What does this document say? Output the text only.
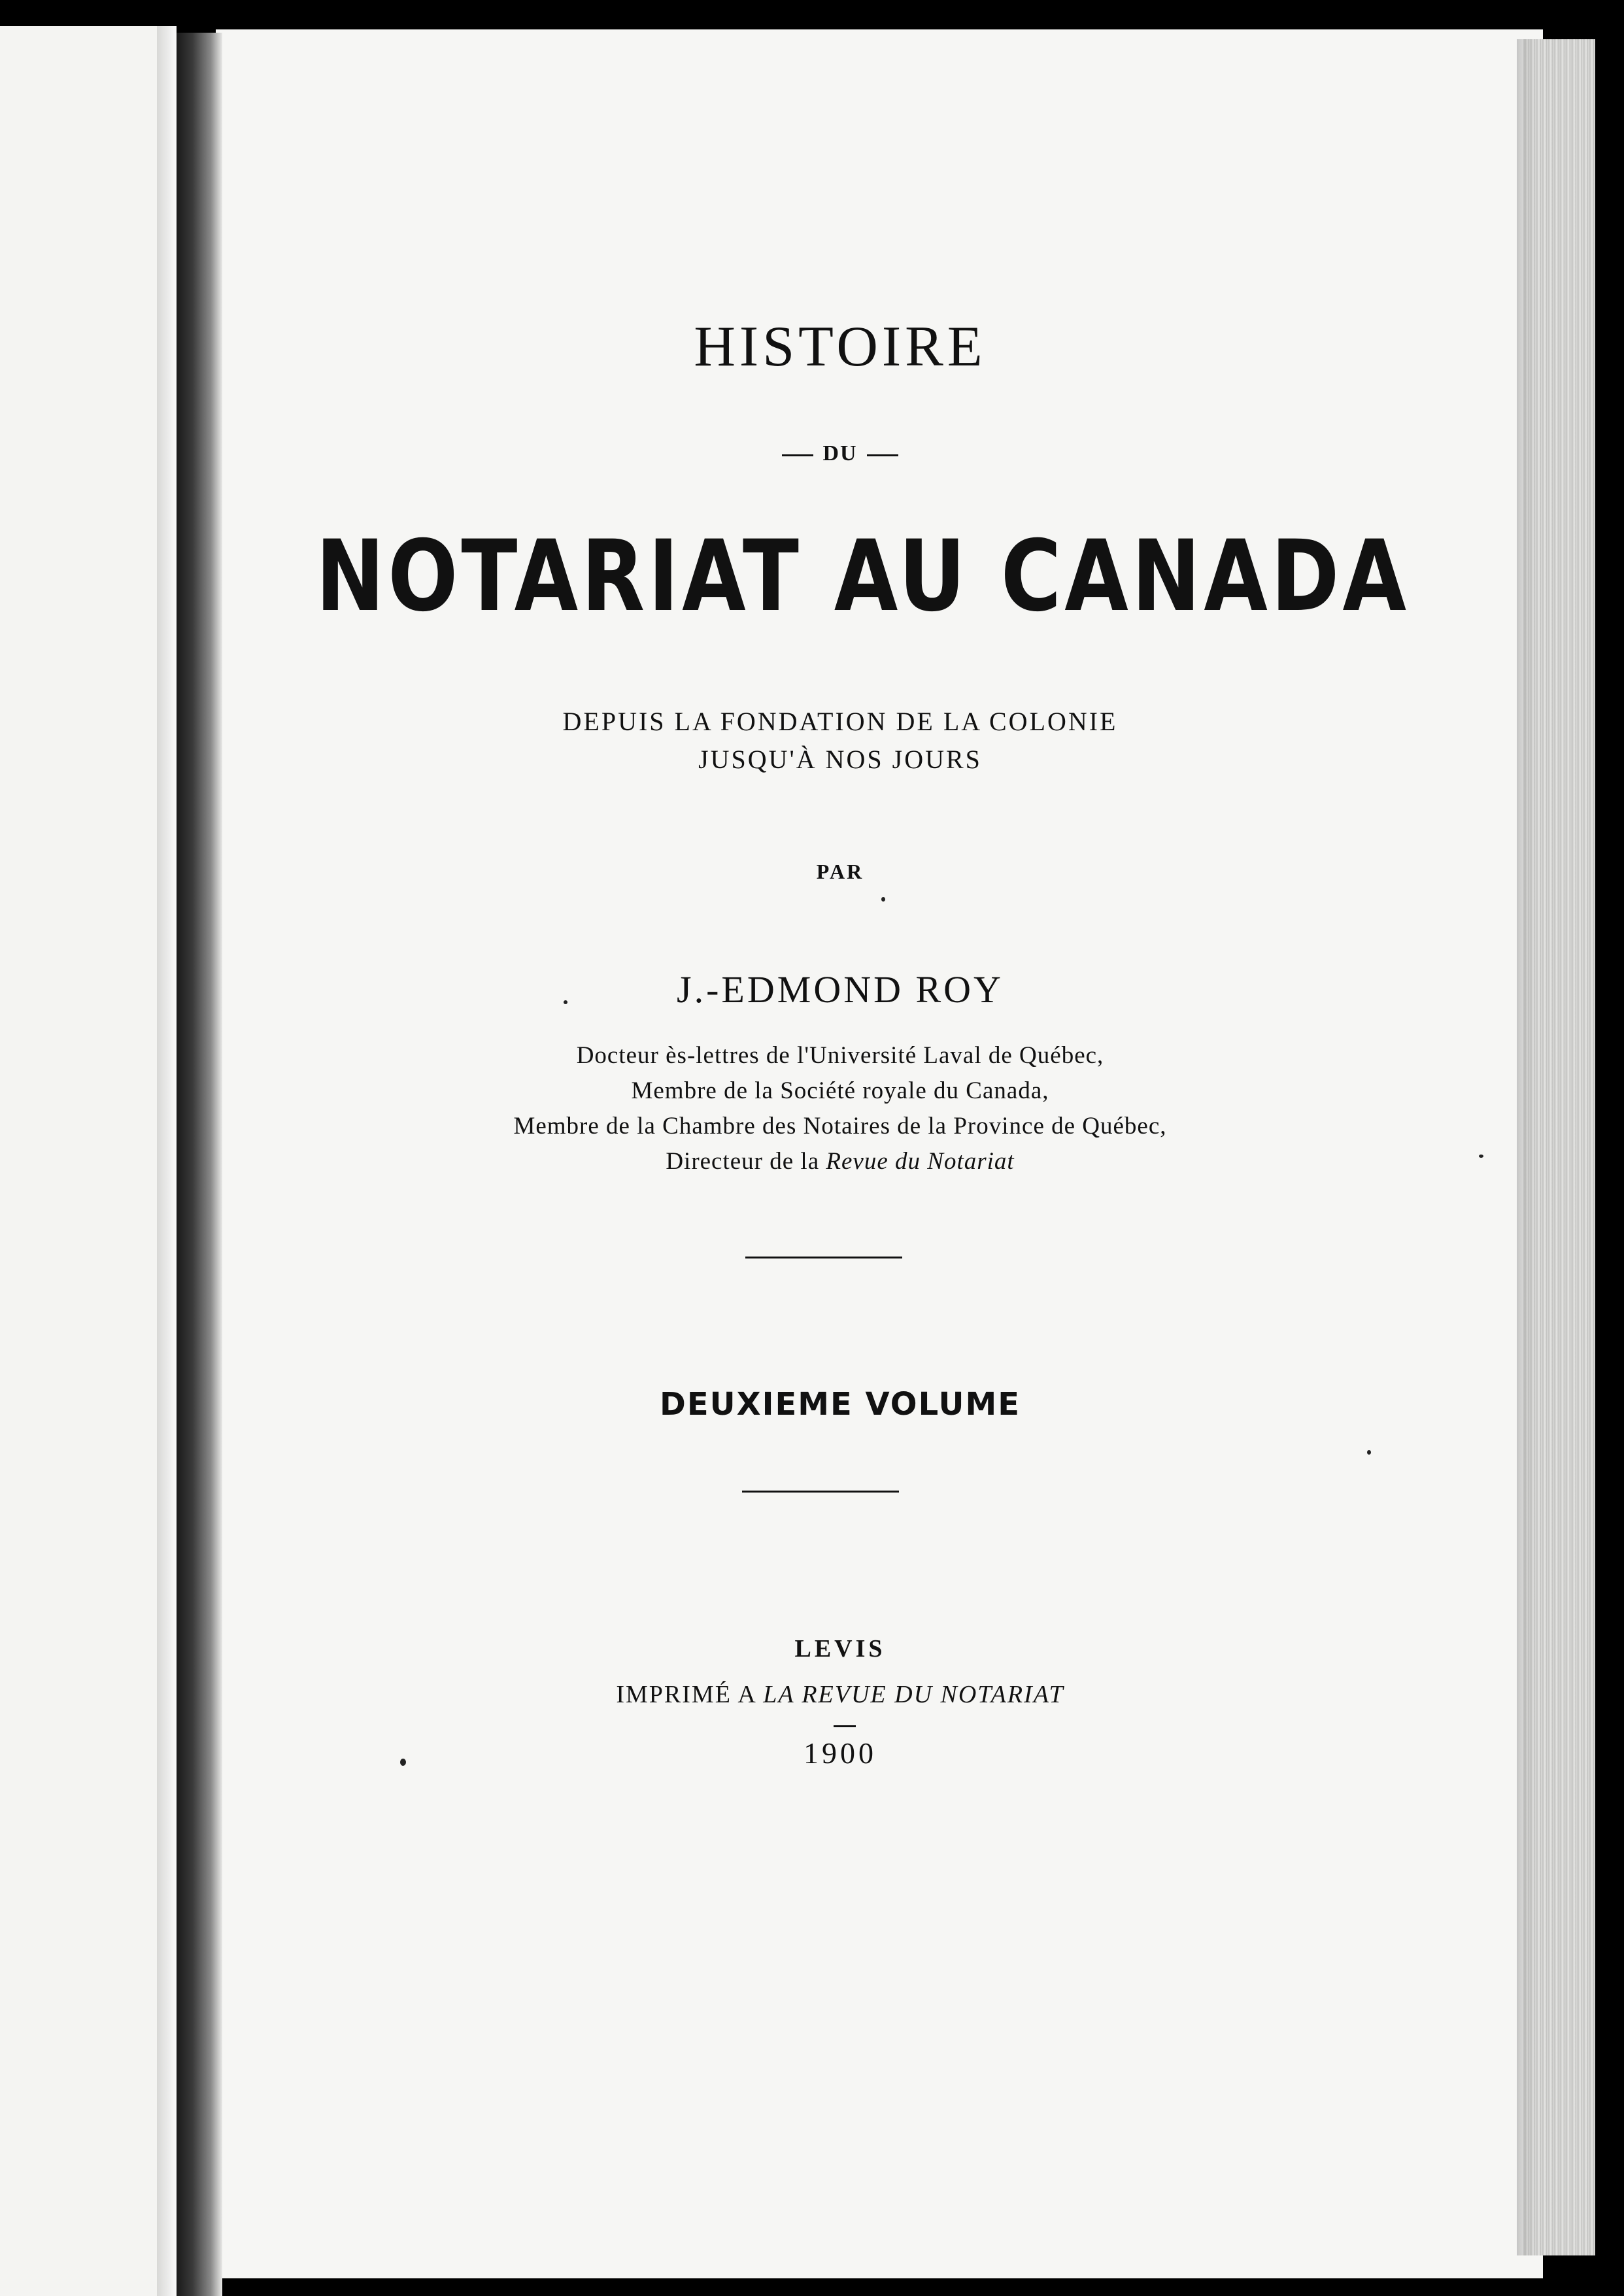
HISTOIRE
DU
NOTARIAT AU CANADA
DEPUIS LA FONDATION DE LA COLONIE
JUSQU'À NOS JOURS
PAR
J.-EDMOND ROY
Docteur ès-lettres de l'Université Laval de Québec,
Membre de la Société royale du Canada,
Membre de la Chambre des Notaires de la Province de Québec,
Directeur de la Revue du Notariat
DEUXIEME VOLUME
LEVIS
IMPRIMÉ A LA REVUE DU NOTARIAT
1900
